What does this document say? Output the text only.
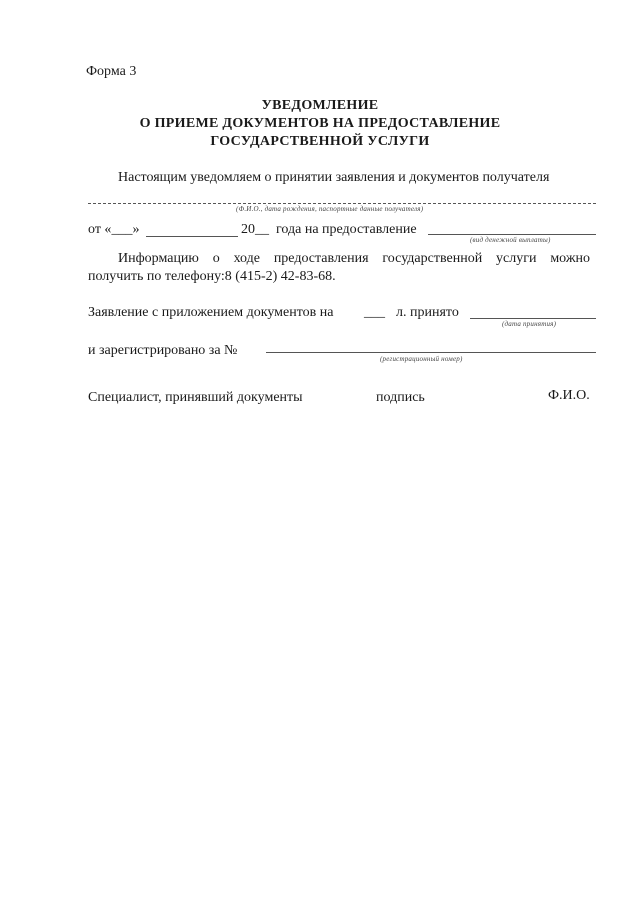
Форма 3
УВЕДОМЛЕНИЕ
О ПРИЕМЕ ДОКУМЕНТОВ НА ПРЕДОСТАВЛЕНИЕ
ГОСУДАРСТВЕННОЙ УСЛУГИ
Настоящим уведомляем о принятии заявления и документов получателя
(Ф.И.О., дата рождения, паспортные данные получателя)
от «___»	20__ года на предоставление
(вид денежной выплаты)
Информацию о ходе предоставления государственной услуги можно
получить по телефону:8 (415-2) 42-83-68.
Заявление с приложением документов на ___ л. принято
(дата принятия)
и зарегистрировано за №
(регистрационный номер)
Специалист, принявший документы	подпись	Ф.И.О.
